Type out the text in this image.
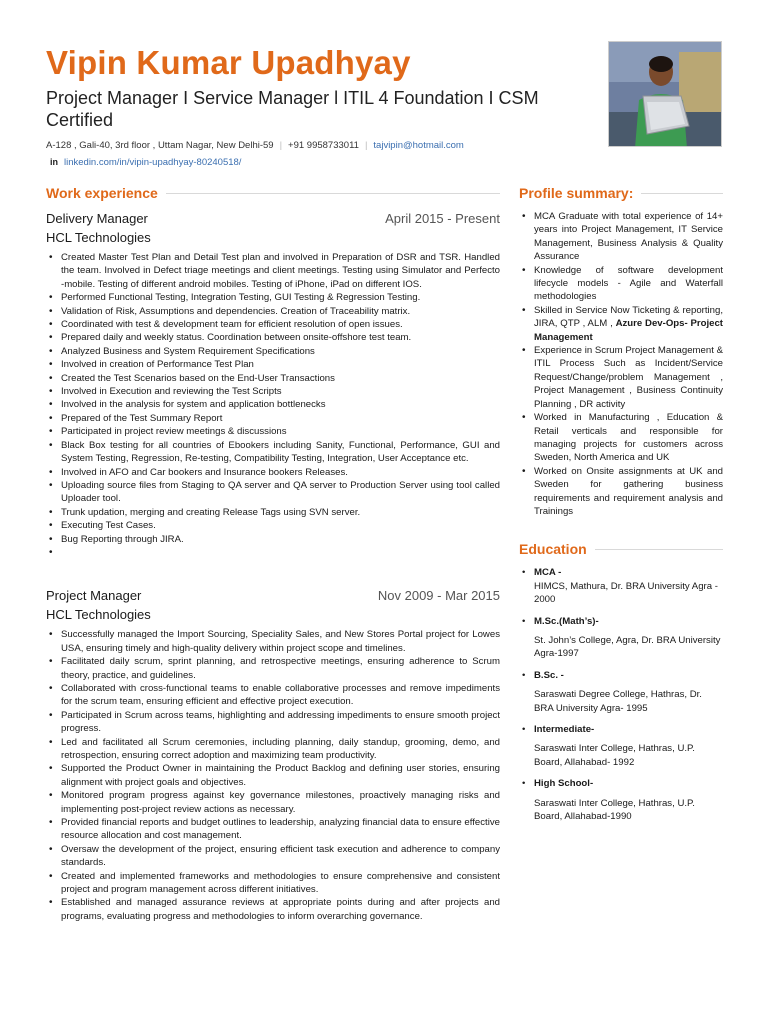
Vipin Kumar Upadhyay
Project Manager I Service Manager l ITIL 4 Foundation I CSM Certified
A-128 , Gali-40, 3rd floor , Uttam Nagar, New Delhi-59 | +91 9958733011 | tajvipin@hotmail.com
in linkedin.com/in/vipin-upadhyay-80240518/
Work experience
Delivery Manager	April 2015 - Present
HCL Technologies
• Created Master Test Plan and Detail Test plan and involved in Preparation of DSR and TSR. Handled the team. Involved in Defect triage meetings and client meetings. Testing using Simulator and Perfecto -mobile. Testing of different android mobiles. Testing of iPhone, iPad on different IOS.
• Performed Functional Testing, Integration Testing, GUI Testing & Regression Testing.
• Validation of Risk, Assumptions and dependencies. Creation of Traceability matrix.
• Coordinated with test & development team for efficient resolution of open issues.
• Prepared daily and weekly status. Coordination between onsite-offshore test team.
• Analyzed Business and System Requirement Specifications
• Involved in creation of Performance Test Plan
• Created the Test Scenarios based on the End-User Transactions
• Involved in Execution and reviewing the Test Scripts
• Involved in the analysis for system and application bottlenecks
• Prepared of the Test Summary Report
• Participated in project review meetings & discussions
• Black Box testing for all countries of Ebookers including Sanity, Functional, Performance, GUI and System Testing, Regression, Re-testing, Compatibility Testing, Integration, User Acceptance etc.
• Involved in AFO and Car bookers and Insurance bookers Releases.
• Uploading source files from Staging to QA server and QA server to Production Server using tool called Uploader tool.
• Trunk updation, merging and creating Release Tags using SVN server.
• Executing Test Cases.
• Bug Reporting through JIRA.
•
Project Manager	Nov 2009 - Mar 2015
HCL Technologies
• Successfully managed the Import Sourcing, Speciality Sales, and New Stores Portal project for Lowes USA, ensuring timely and high-quality delivery within project scope and timelines.
• Facilitated daily scrum, sprint planning, and retrospective meetings, ensuring adherence to Scrum theory, practice, and guidelines.
• Collaborated with cross-functional teams to enable collaborative processes and remove impediments for the scrum team, ensuring efficient and effective project execution.
• Participated in Scrum across teams, highlighting and addressing impediments to ensure smooth project progress.
• Led and facilitated all Scrum ceremonies, including planning, daily standup, grooming, demo, and retrospection, ensuring correct adoption and maximizing team productivity.
• Supported the Product Owner in maintaining the Product Backlog and defining user stories, ensuring alignment with project goals and objectives.
• Monitored program progress against key governance milestones, proactively managing risks and implementing post-project review actions as necessary.
• Provided financial reports and budget outlines to leadership, analyzing financial data to ensure effective resource allocation and cost management.
• Oversaw the development of the project, ensuring efficient task execution and adherence to company standards.
• Created and implemented frameworks and methodologies to ensure comprehensive and consistent project and program management across different initiatives.
• Established and managed assurance reviews at appropriate points during and after projects and programs, evaluating progress and methodologies to inform overarching governance.
Profile summary:
• MCA Graduate with total experience of 14+ years into Project Management, IT Service Management, Business Analysis & Quality Assurance
• Knowledge of software development lifecycle models - Agile and Waterfall methodologies
• Skilled in Service Now Ticketing & reporting, JIRA, QTP , ALM , Azure Dev-Ops- Project Management
• Experience in Scrum Project Management & ITIL Process Such as Incident/Service Request/Change/problem Management , Project Management , Business Continuity Planning , DR activity
• Worked in Manufacturing , Education & Retail verticals and responsible for managing projects for customers across Sweden, North America and UK
• Worked on Onsite assignments at UK and Sweden for gathering business requirements and requirement analysis and Trainings
Education
• MCA -
HIMCS, Mathura, Dr. BRA University Agra - 2000
• M.Sc.(Math’s)-
St. John’s College, Agra, Dr. BRA University Agra-1997
• B.Sc. -
Saraswati Degree College, Hathras, Dr. BRA University Agra- 1995
• Intermediate-
Saraswati Inter College, Hathras, U.P. Board, Allahabad- 1992
• High School-
Saraswati Inter College, Hathras, U.P. Board, Allahabad-1990
